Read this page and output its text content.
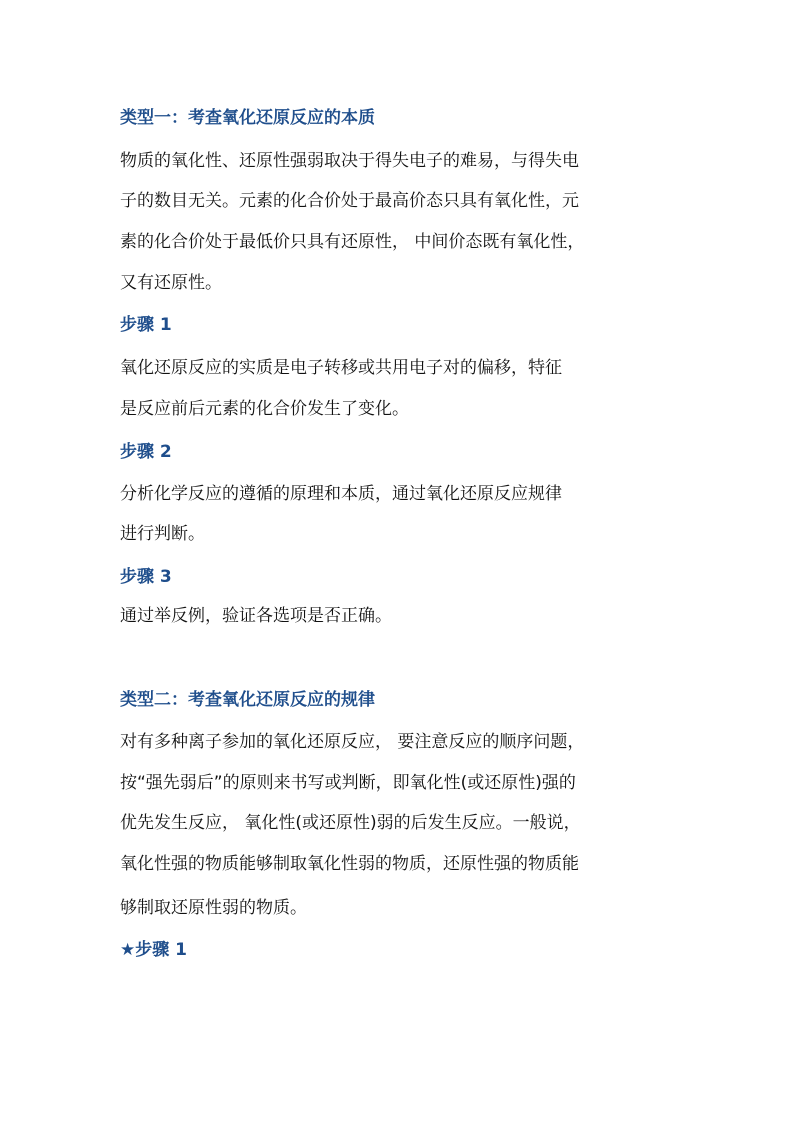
类型一：考查氧化还原反应的本质
物质的氧化性、还原性强弱取决于得失电子的难易，与得失电
子的数目无关。元素的化合价处于最高价态只具有氧化性，元
素的化合价处于最低价只具有还原性， 中间价态既有氧化性，
又有还原性。
步骤 1
氧化还原反应的实质是电子转移或共用电子对的偏移，特征
是反应前后元素的化合价发生了变化。
步骤 2
分析化学反应的遵循的原理和本质，通过氧化还原反应规律
进行判断。
步骤 3
通过举反例，验证各选项是否正确。
类型二：考查氧化还原反应的规律
对有多种离子参加的氧化还原反应， 要注意反应的顺序问题，
按“强先弱后”的原则来书写或判断，即氧化性(或还原性)强的
优先发生反应， 氧化性(或还原性)弱的后发生反应。一般说，
氧化性强的物质能够制取氧化性弱的物质，还原性强的物质能
够制取还原性弱的物质。
★步骤 1
